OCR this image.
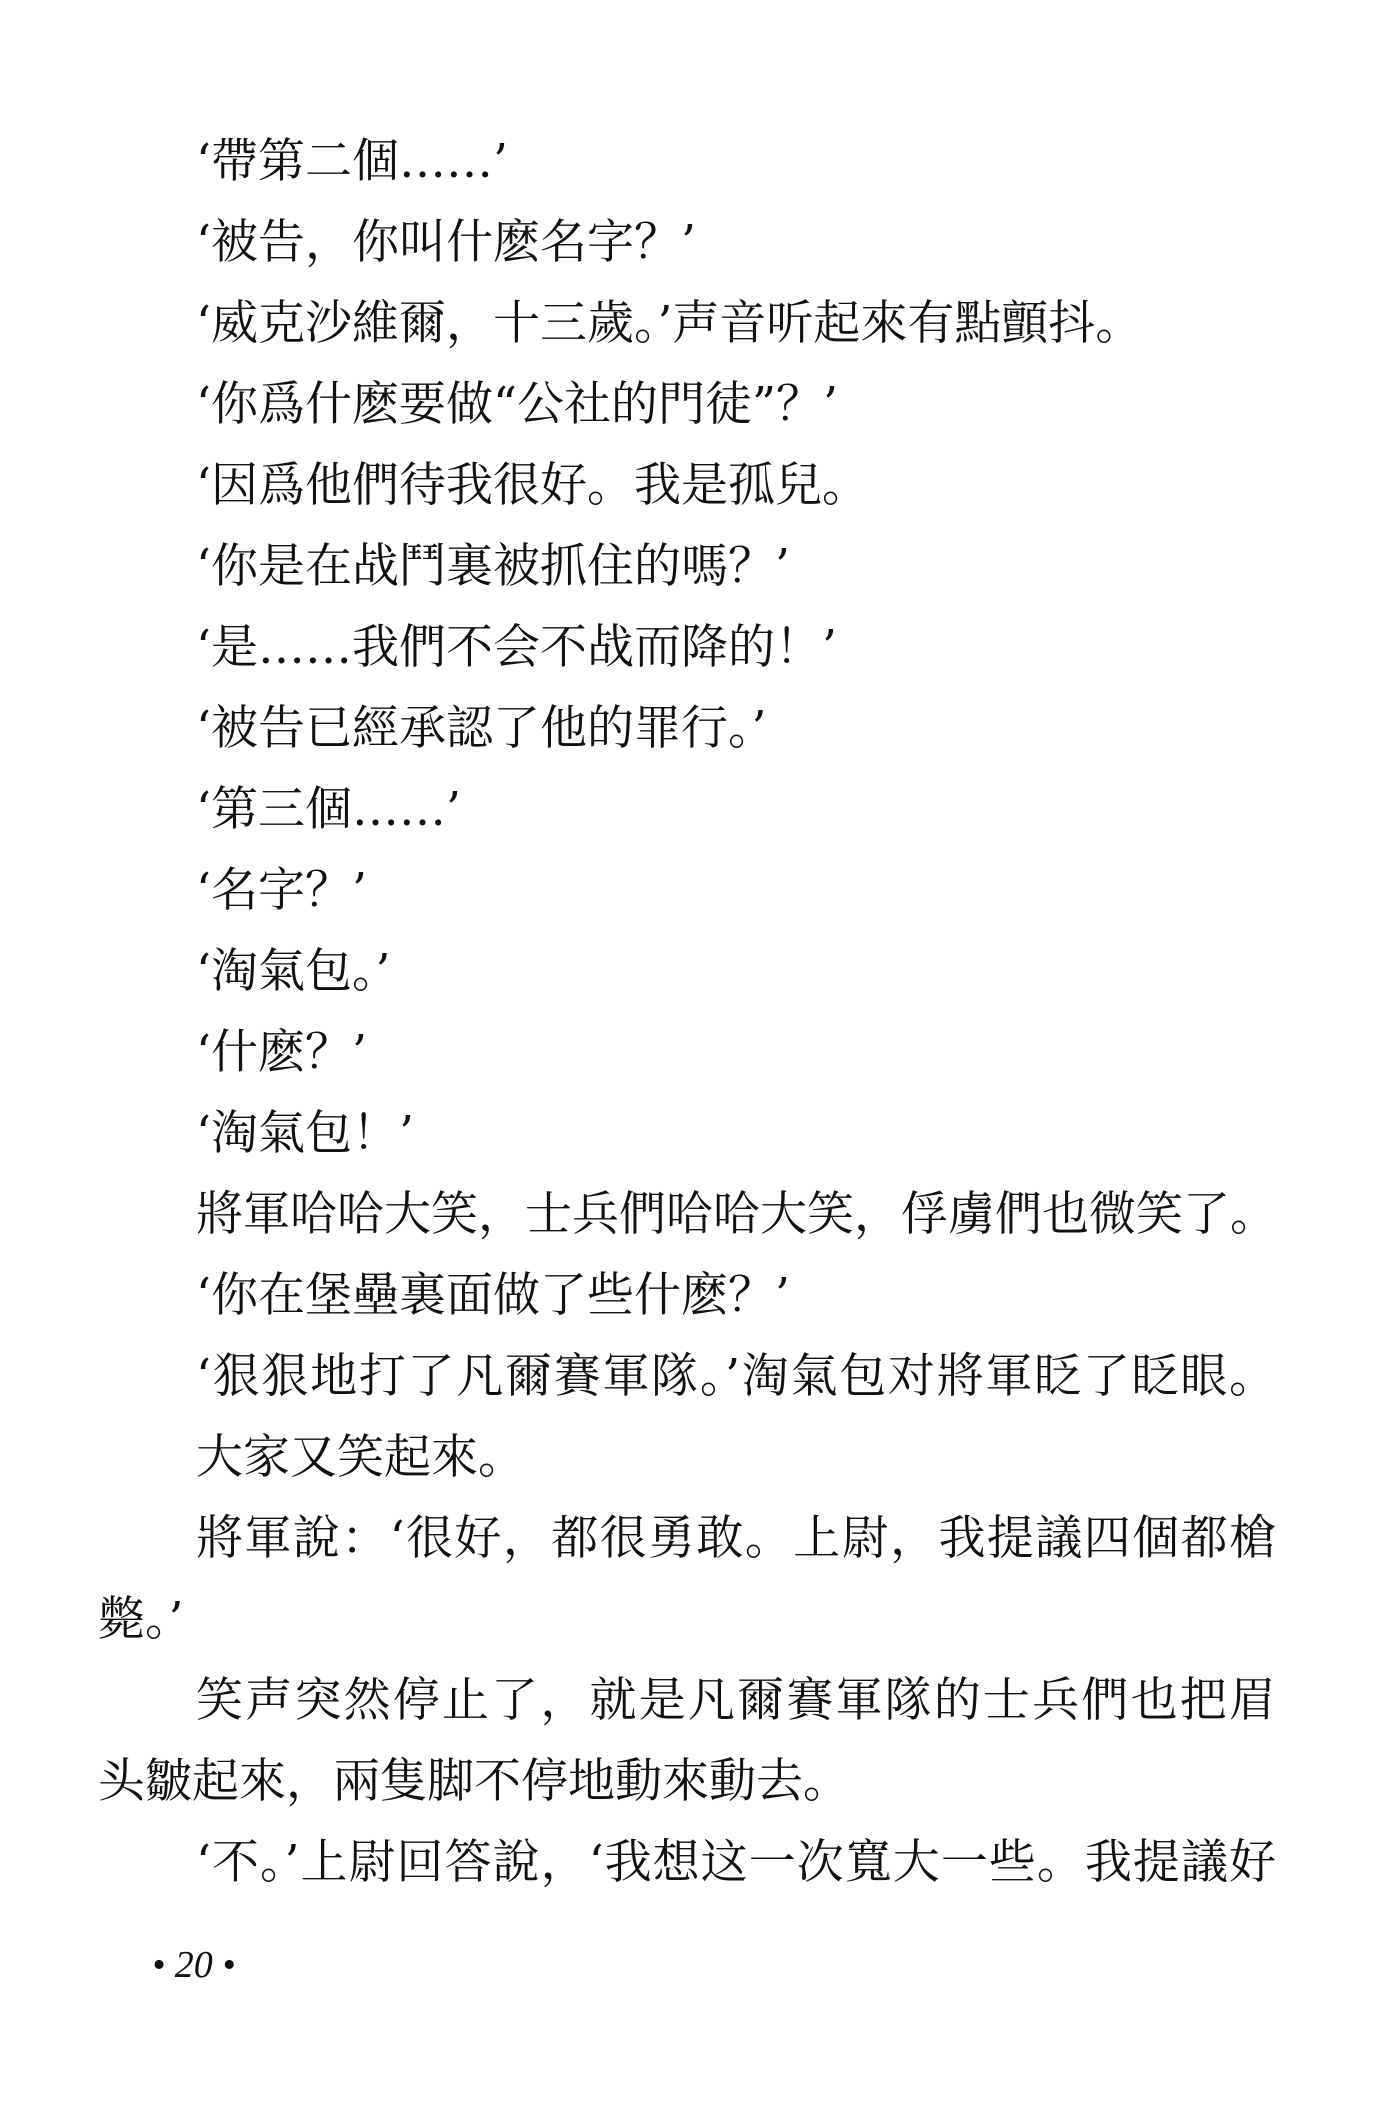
‘帶第二個……’
‘被告，你叫什麽名字？’
‘威克沙維爾，十三歲。’声音听起來有點顫抖。
‘你爲什麽要做“公社的門徒”？’
‘因爲他們待我很好。我是孤兒。
‘你是在战鬥裏被抓住的嗎？’
‘是……我們不会不战而降的！’
‘被告已經承認了他的罪行。’
‘第三個……’
‘名字？’
‘淘氣包。’
‘什麽？’
‘淘氣包！’
將軍哈哈大笑，士兵們哈哈大笑，俘虜們也微笑了。
‘你在堡壘裏面做了些什麽？’
‘狠狠地打了凡爾賽軍隊。’淘氣包对將軍眨了眨眼。
大家又笑起來。
將軍說：‘很好，都很勇敢。上尉，我提議四個都槍
斃。’
笑声突然停止了，就是凡爾賽軍隊的士兵們也把眉
头皺起來，兩隻脚不停地動來動去。
‘不。’上尉回答說，‘我想这一次寬大一些。我提議好
• 20 •
